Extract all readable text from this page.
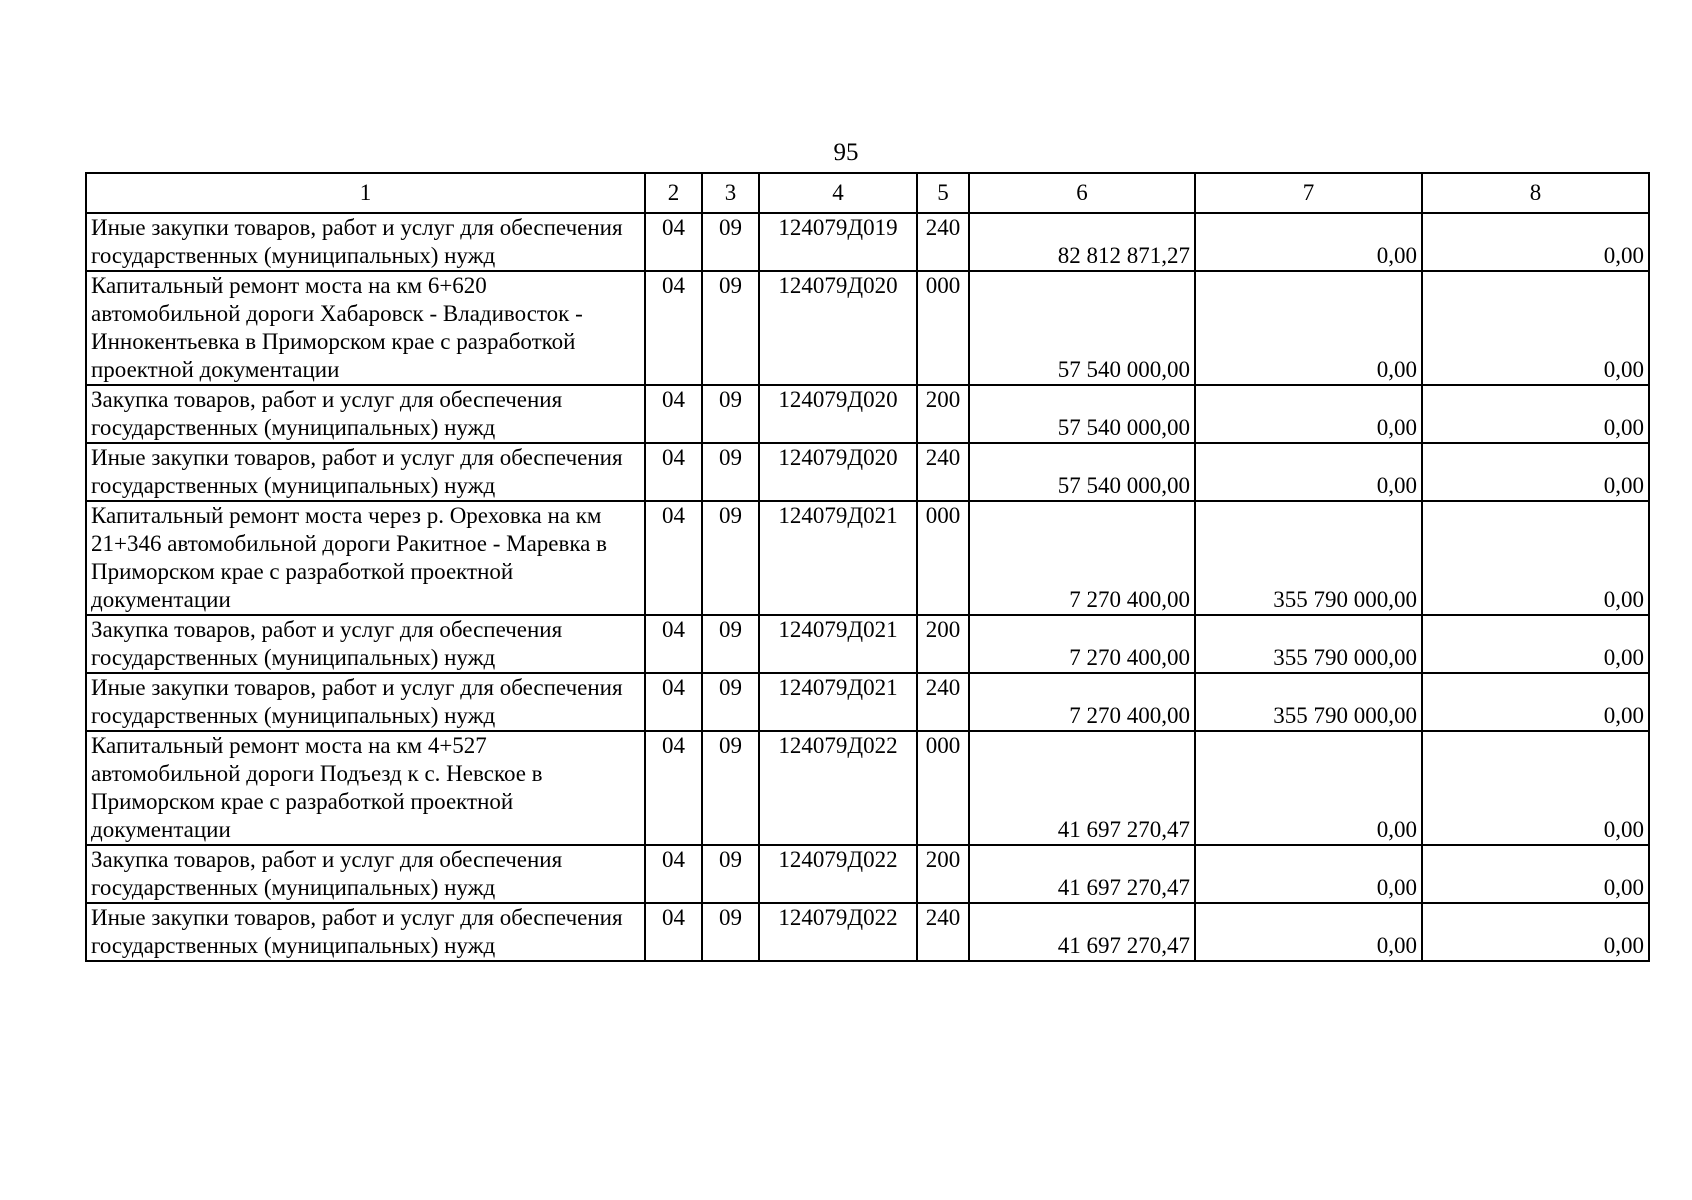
95
1	2	3	4	5	6	7	8
Иные закупки товаров, работ и услуг для обеспечения государственных (муниципальных) нужд	04	09	124079Д019	240	82 812 871,27	0,00	0,00
Капитальный ремонт моста на км 6+620 автомобильной дороги Хабаровск - Владивосток - Иннокентьевка в Приморском крае с разработкой проектной документации	04	09	124079Д020	000	57 540 000,00	0,00	0,00
Закупка товаров, работ и услуг для обеспечения государственных (муниципальных) нужд	04	09	124079Д020	200	57 540 000,00	0,00	0,00
Иные закупки товаров, работ и услуг для обеспечения государственных (муниципальных) нужд	04	09	124079Д020	240	57 540 000,00	0,00	0,00
Капитальный ремонт моста через р. Ореховка на км 21+346 автомобильной дороги Ракитное - Маревка в Приморском крае с разработкой проектной документации	04	09	124079Д021	000	7 270 400,00	355 790 000,00	0,00
Закупка товаров, работ и услуг для обеспечения государственных (муниципальных) нужд	04	09	124079Д021	200	7 270 400,00	355 790 000,00	0,00
Иные закупки товаров, работ и услуг для обеспечения государственных (муниципальных) нужд	04	09	124079Д021	240	7 270 400,00	355 790 000,00	0,00
Капитальный ремонт моста на км 4+527 автомобильной дороги Подъезд к с. Невское в Приморском крае с разработкой проектной документации	04	09	124079Д022	000	41 697 270,47	0,00	0,00
Закупка товаров, работ и услуг для обеспечения государственных (муниципальных) нужд	04	09	124079Д022	200	41 697 270,47	0,00	0,00
Иные закупки товаров, работ и услуг для обеспечения государственных (муниципальных) нужд	04	09	124079Д022	240	41 697 270,47	0,00	0,00
